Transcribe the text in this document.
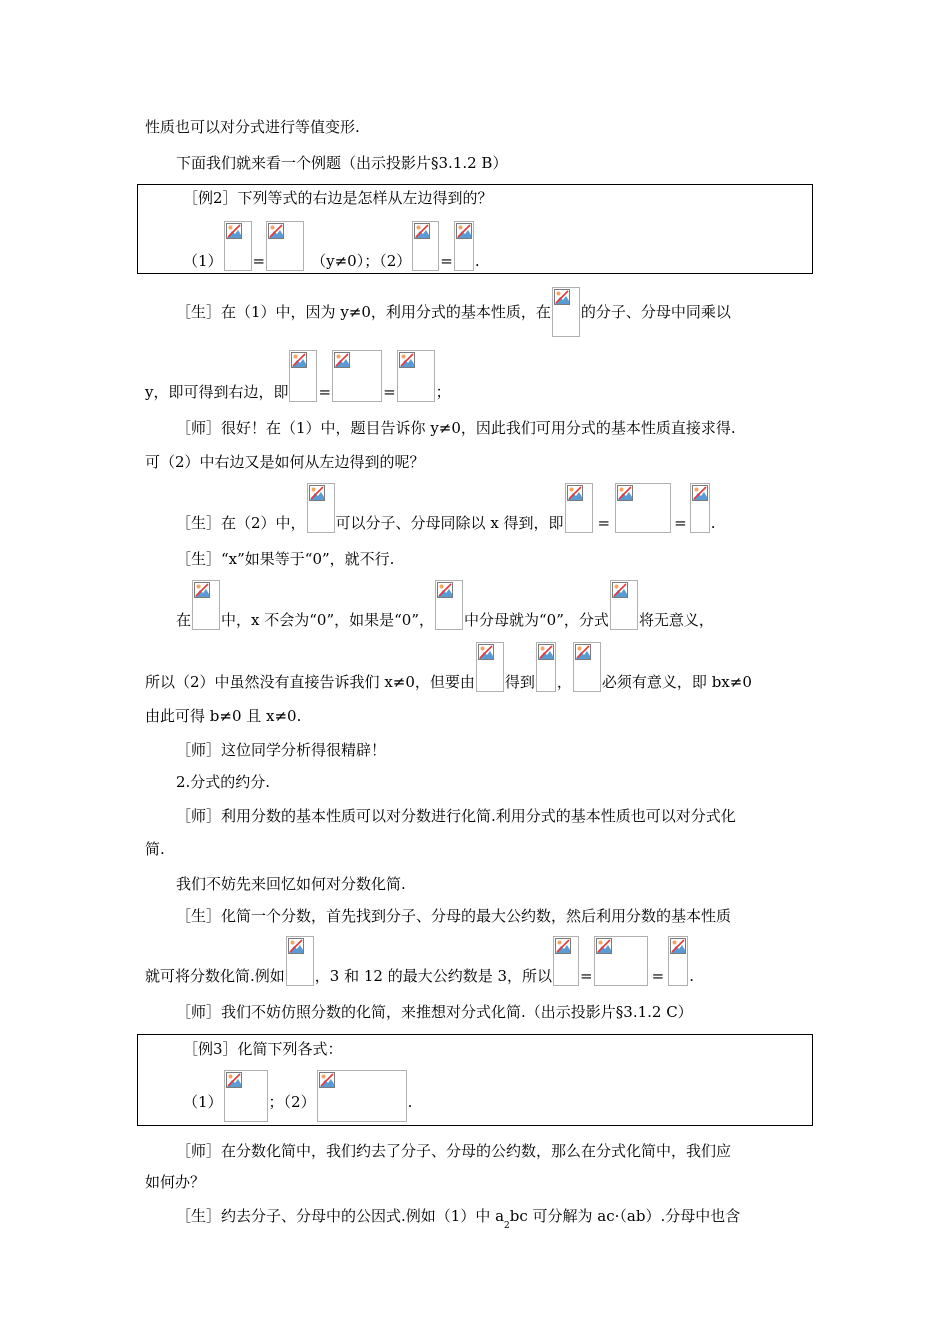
性质也可以对分式进行等值变形.
下面我们就来看一个例题（出示投影片§3.1.2 B）
［例2］下列等式的右边是怎样从左边得到的？
（1） =	（y≠0）；（2） = .
［生］在（1）中，因为 y≠0，利用分式的基本性质，在 的分子、分母中同乘以
y，即可得到右边，即 =	=	；
［师］很好！在（1）中，题目告诉你 y≠0，因此我们可用分式的基本性质直接求得.
可（2）中右边又是如何从左边得到的呢？
［生］在（2）中， 可以分子、分母同除以 x 得到，即 =	= .
［生］“x”如果等于“0”，就不行.
在 中，x 不会为“0”，如果是“0”， 中分母就为“0”，分式 将无意义，
所以（2）中虽然没有直接告诉我们 x≠0，但要由 得到 ， 必须有意义，即 bx≠0
由此可得 b≠0 且 x≠0.
［师］这位同学分析得很精辟！
2.分式的约分.
［师］利用分数的基本性质可以对分数进行化简.利用分式的基本性质也可以对分式化
简.
我们不妨先来回忆如何对分数化简.
［生］化简一个分数，首先找到分子、分母的最大公约数，然后利用分数的基本性质
就可将分数化简.例如 ，3 和 12 的最大公约数是 3，所以 =	= .
［师］我们不妨仿照分数的化简，来推想对分式化简.（出示投影片§3.1.2 C）
［例3］化简下列各式：
（1）	；（2）	.
［师］在分数化简中，我们约去了分子、分母的公约数，那么在分式化简中，我们应
如何办？
［生］约去分子、分母中的公因式.例如（1）中 a
2
bc 可分解为 ac·（ab）.分母中也含
